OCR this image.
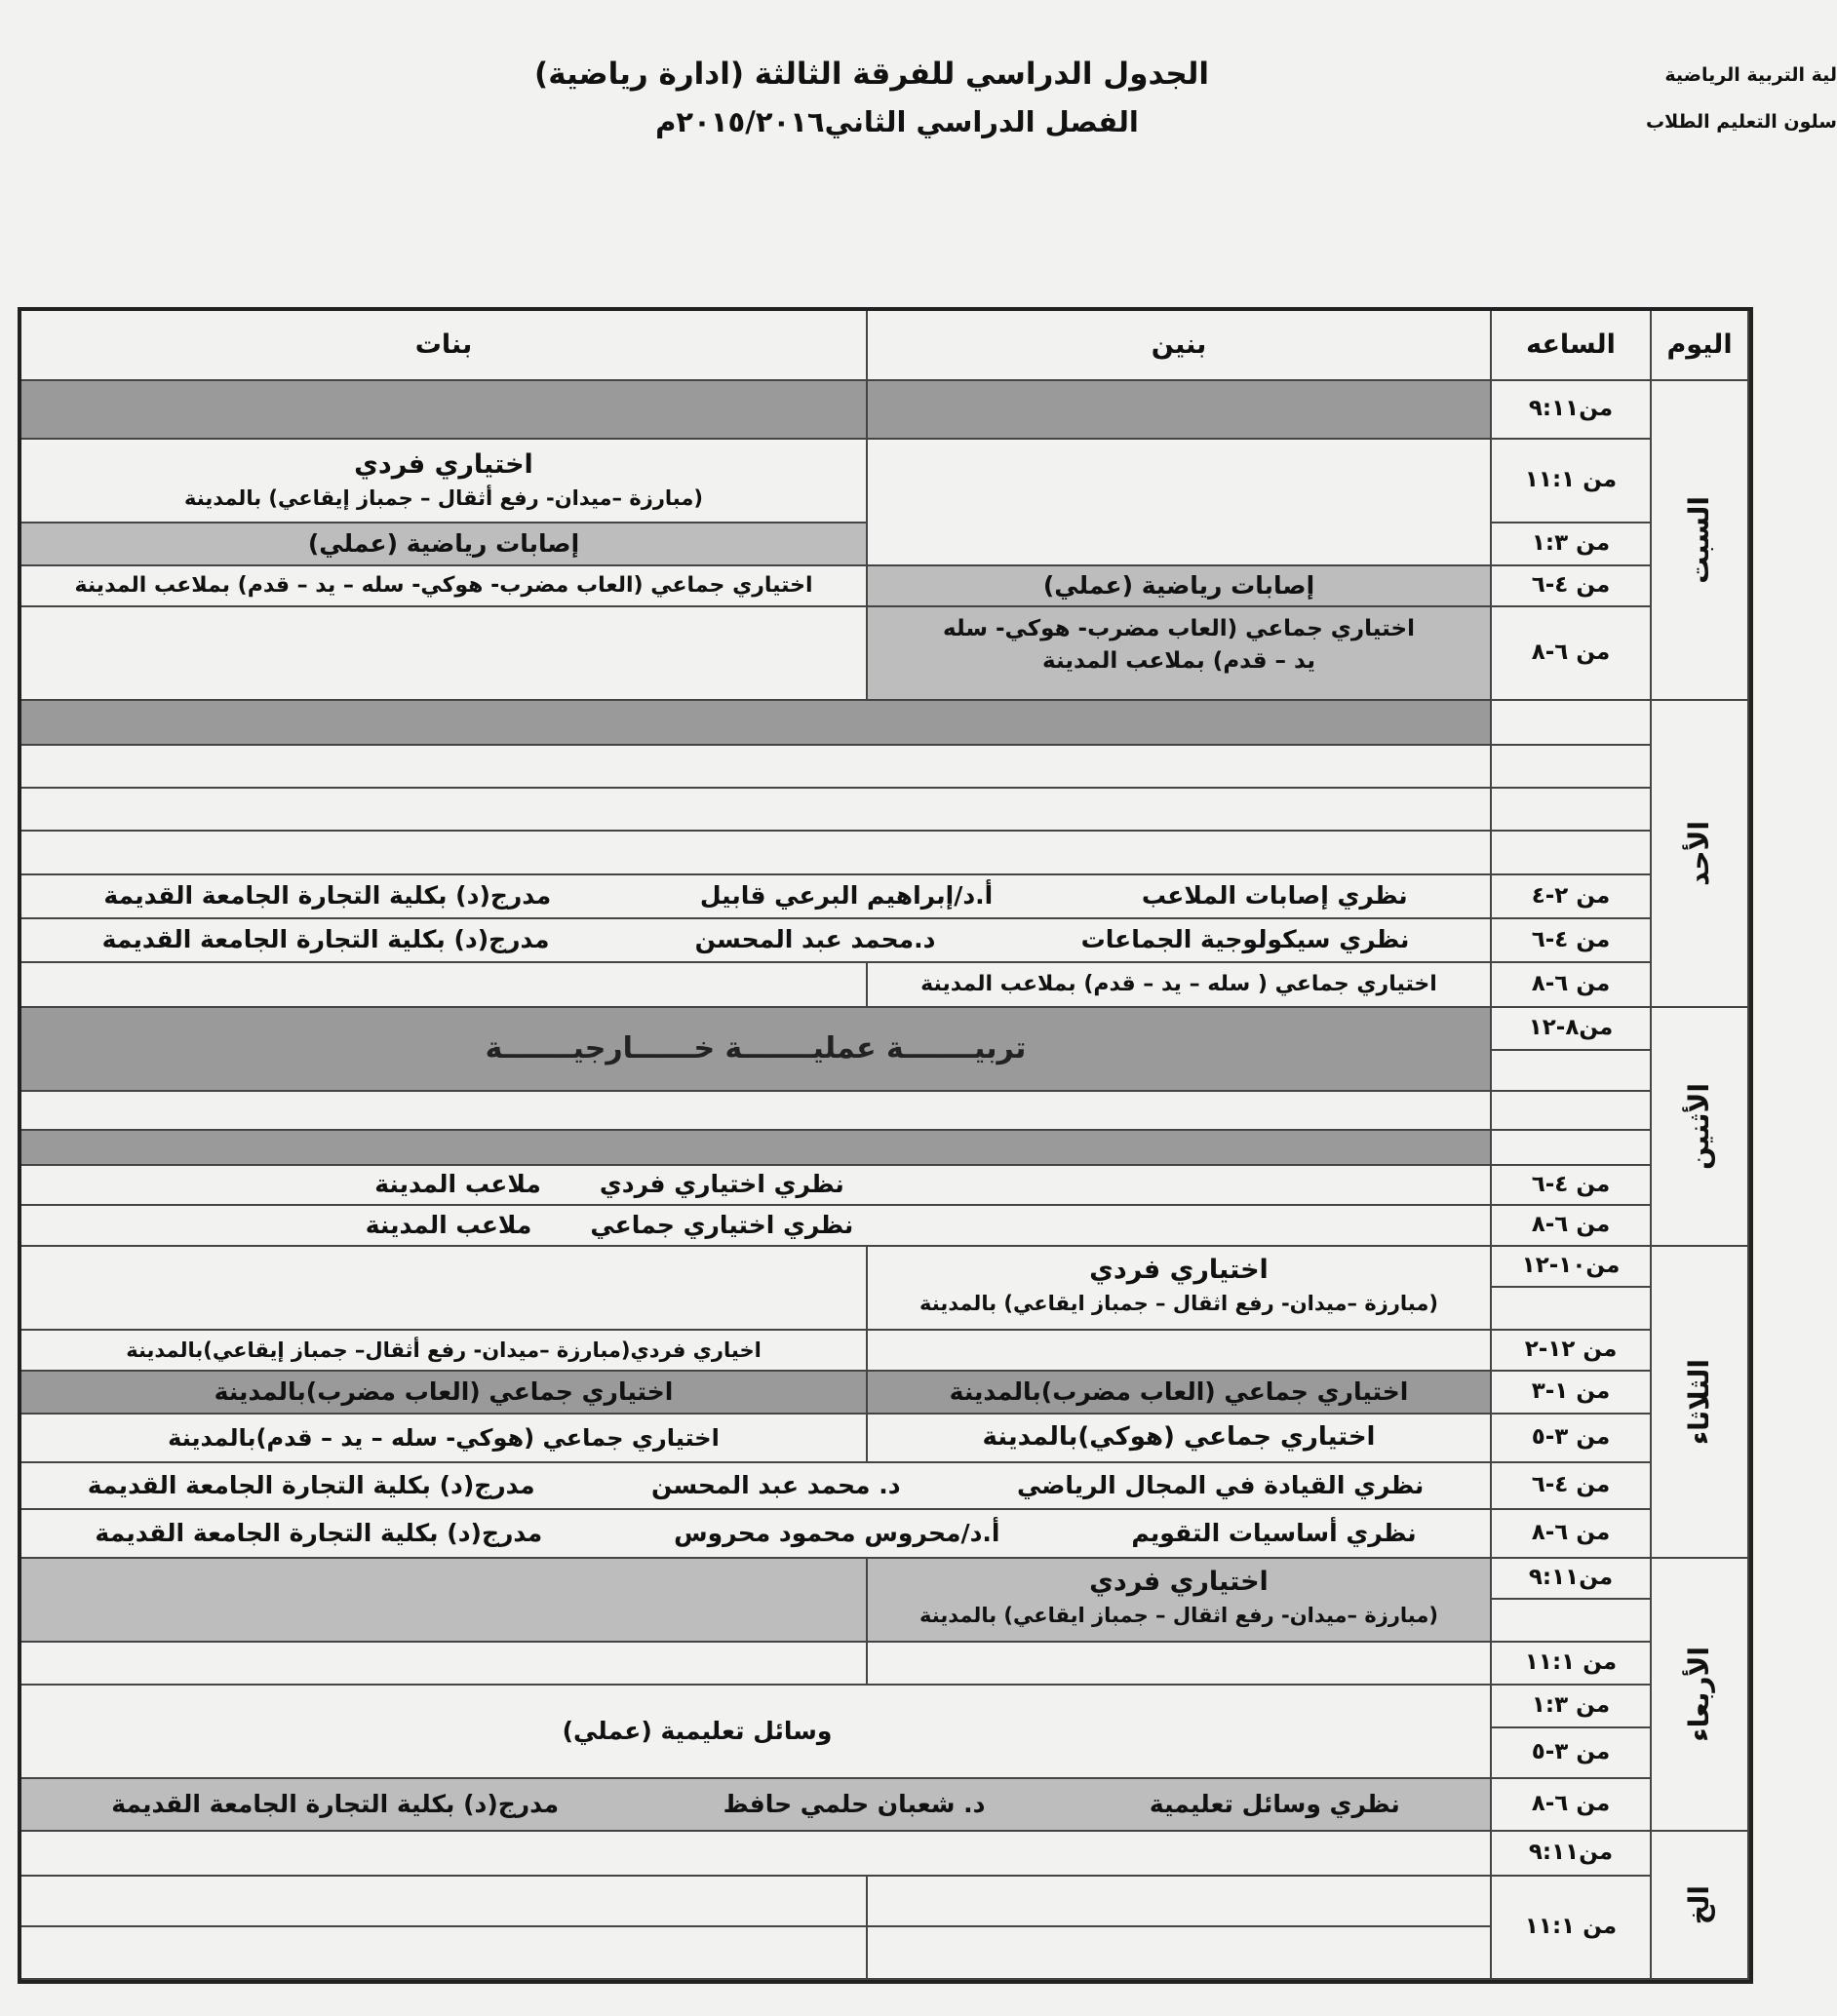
الجدول الدراسي للفرقة الثالثة (ادارة رياضية)
الفصل الدراسي الثاني٢٠١٥/٢٠١٦م
لية التربية الرياضية
سلون التعليم الطلاب
اليوم
الساعه
بنين
بنات
السبت
من٩:١١
من ١١:١
من ١:٣
من ٤-٦
من ٦-٨
اختياري فردي
(مبارزة –ميدان- رفع أثقال – جمباز إيقاعي) بالمدينة
إصابات رياضية (عملي)
اختياري جماعي (العاب مضرب- هوكي- سله – يد – قدم) بملاعب المدينة	إصابات رياضية (عملي)
اختياري جماعي (العاب مضرب- هوكي- سله
يد – قدم) بملاعب المدينة
الأحد
من ٢-٤
من ٤-٦
من ٦-٨
نظري إصابات الملاعب
أ.د/إبراهيم البرعي قابيل
مدرج(د) بكلية التجارة الجامعة القديمة
نظري سيكولوجية الجماعات
د.محمد عبد المحسن
مدرج(د) بكلية التجارة الجامعة القديمة
اختياري جماعي ( سله – يد – قدم) بملاعب المدينة
الأثنين
من٨-١٢
من ٤-٦
من ٦-٨
تربيـــــــة عمليـــــــة خــــــارجيـــــــة
نظري اختياري فردي
ملاعب المدينة
نظري اختياري جماعي
ملاعب المدينة
الثلاثاء
من١٠-١٢
من ١٢-٢
من ١-٣
من ٣-٥
من ٤-٦
من ٦-٨
اختياري فردي
(مبارزة –ميدان- رفع اثقال – جمباز ايقاعي) بالمدينة
اخياري فردي(مبارزة –ميدان- رفع أثقال– جمباز إيقاعي)بالمدينة
اختياري جماعي (العاب مضرب)بالمدينة
اختياري جماعي (العاب مضرب)بالمدينة
اختياري جماعي (هوكي)بالمدينة
اختياري جماعي (هوكي- سله – يد – قدم)بالمدينة
نظري القيادة في المجال الرياضي
د. محمد عبد المحسن
مدرج(د) بكلية التجارة الجامعة القديمة
نظري أساسيات التقويم
أ.د/محروس محمود محروس
مدرج(د) بكلية التجارة الجامعة القديمة
الأربعاء
من٩:١١
من ١١:١
من ١:٣
من ٣-٥
من ٦-٨
اختياري فردي
(مبارزة –ميدان- رفع اثقال – جمباز ايقاعي) بالمدينة
وسائل تعليمية (عملي)
نظري وسائل تعليمية
د. شعبان حلمي حافظ
مدرج(د) بكلية التجارة الجامعة القديمة
الخ
من٩:١١
من ١١:١
